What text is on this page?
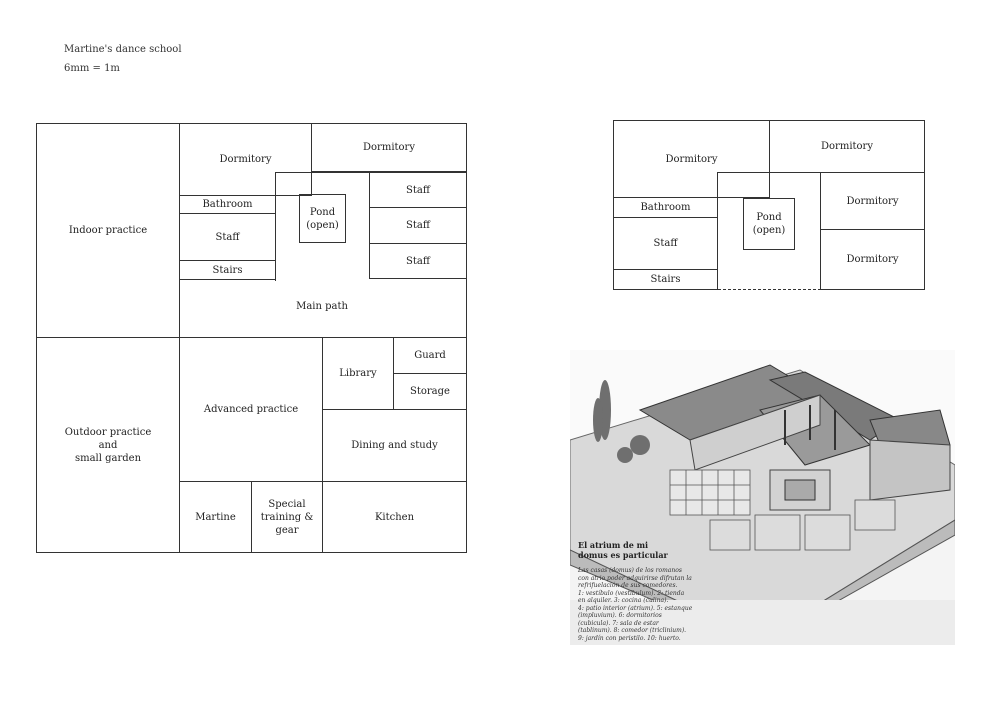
Martine's dance school
6mm = 1m
Indoor practice
Outdoor practice
and
small garden
Dormitory
Dormitory
Bathroom
Staff
Stairs
Pond
(open)
Staff
Staff
Staff
Main path
Advanced practice
Library
Guard
Storage
Dining and study
Martine
Special
training &
gear
Kitchen
Dormitory
Dormitory
Bathroom
Staff
Stairs
Pond
(open)
Dormitory
Dormitory

El atrium de mi
domus es particular

Las casas (domus) de los romanos
con atrio poder adquirirse difrutan la
refrifuelación de sus comedores.
1: vestíbulo (vestibulum). 2: tienda
en alquiler. 3: cocina (culina).
4: patio interior (atrium). 5: estanque
(impluvium). 6: dormitorios
(cubicula). 7: sala de estar
(tablinum). 8: comedor (triclinium).
9: jardín con peristilo. 10: huerto.
